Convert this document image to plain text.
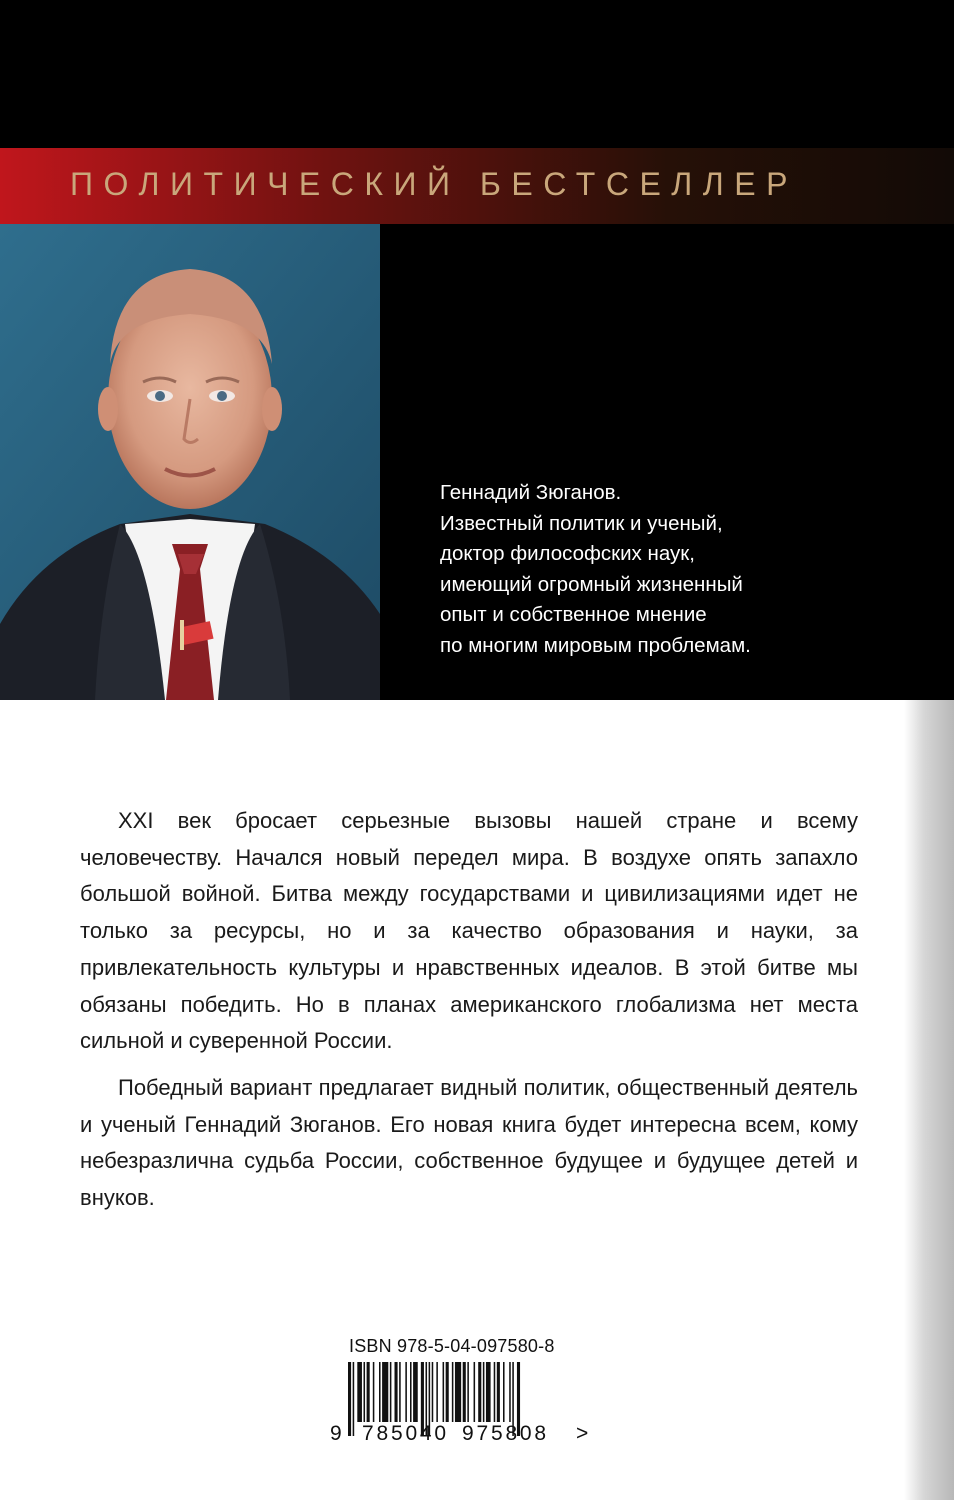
ПОЛИТИЧЕСКИЙ БЕСТСЕЛЛЕР
Геннадий Зюганов.
Известный политик и ученый,
доктор философских наук,
имеющий огромный жизненный
опыт и собственное мнение
по многим мировым проблемам.

XXI век бросает серьезные вызовы нашей стране и всему человечеству. Начался новый передел мира. В воздухе опять запахло большой войной. Битва между государствами и цивилизациями идет не только за ресурсы, но и за качество образования и науки, за привлекательность культуры и нравственных идеалов. В этой битве мы обязаны победить. Но в планах американского глобализма нет места сильной и суверенной России.

Победный вариант предлагает видный политик, общественный деятель и ученый Геннадий Зюганов. Его новая книга будет интересна всем, кому небезразлична судьба России, собственное будущее и будущее детей и внуков.

ISBN 978-5-04-097580-8
9 785040 975808 >
